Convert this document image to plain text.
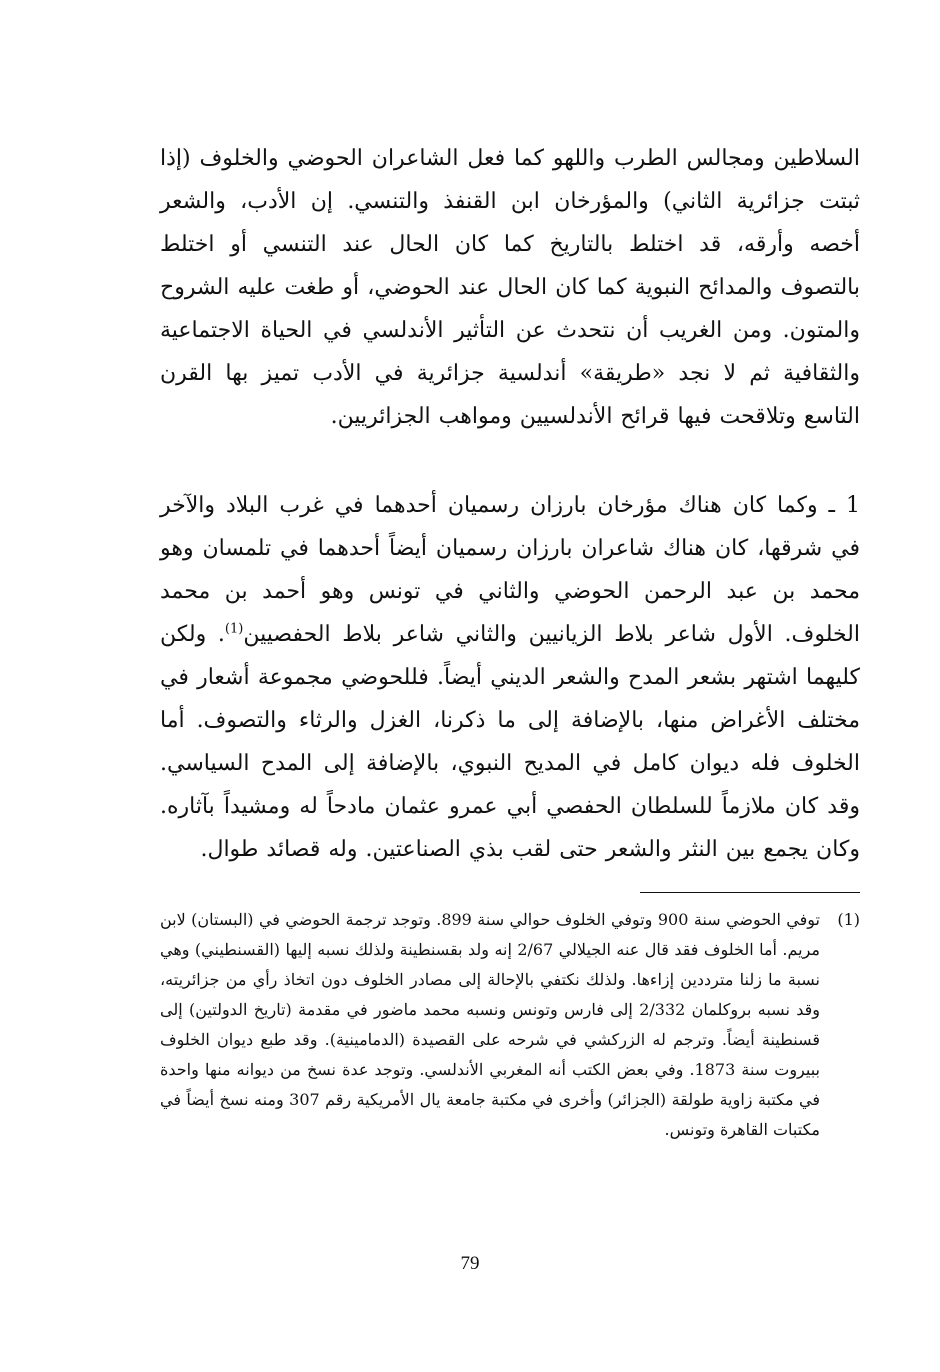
السلاطين ومجالس الطرب واللهو كما فعل الشاعران الحوضي والخلوف (إذا ثبتت جزائرية الثاني) والمؤرخان ابن القنفذ والتنسي. إن الأدب، والشعر أخصه وأرقه، قد اختلط بالتاريخ كما كان الحال عند التنسي أو اختلط بالتصوف والمدائح النبوية كما كان الحال عند الحوضي، أو طغت عليه الشروح والمتون. ومن الغريب أن نتحدث عن التأثير الأندلسي في الحياة الاجتماعية والثقافية ثم لا نجد «طريقة» أندلسية جزائرية في الأدب تميز بها القرن التاسع وتلاقحت فيها قرائح الأندلسيين ومواهب الجزائريين.

1 ـ وكما كان هناك مؤرخان بارزان رسميان أحدهما في غرب البلاد والآخر في شرقها، كان هناك شاعران بارزان رسميان أيضاً أحدهما في تلمسان وهو محمد بن عبد الرحمن الحوضي والثاني في تونس وهو أحمد بن محمد الخلوف. الأول شاعر بلاط الزيانيين والثاني شاعر بلاط الحفصيين$^{(1)}$. ولكن كليهما اشتهر بشعر المدح والشعر الديني أيضاً. فللحوضي مجموعة أشعار في مختلف الأغراض منها، بالإضافة إلى ما ذكرنا، الغزل والرثاء والتصوف. أما الخلوف فله ديوان كامل في المديح النبوي، بالإضافة إلى المدح السياسي. وقد كان ملازماً للسلطان الحفصي أبي عمرو عثمان مادحاً له ومشيداً بآثاره. وكان يجمع بين النثر والشعر حتى لقب بذي الصناعتين. وله قصائد طوال.

(1)
توفي الحوضي سنة 900 وتوفي الخلوف حوالي سنة 899. وتوجد ترجمة الحوضي في (البستان) لابن مريم. أما الخلوف فقد قال عنه الجيلالي 2/67 إنه ولد بقسنطينة ولذلك نسبه إليها (القسنطيني) وهي نسبة ما زلنا مترددين إزاءها. ولذلك نكتفي بالإحالة إلى مصادر الخلوف دون اتخاذ رأي من جزائريته، وقد نسبه بروكلمان 2/332 إلى فارس وتونس ونسبه محمد ماضور في مقدمة (تاريخ الدولتين) إلى قسنطينة أيضاً. وترجم له الزركشي في شرحه على القصيدة (الدمامينية). وقد طبع ديوان الخلوف ببيروت سنة 1873. وفي بعض الكتب أنه المغربي الأندلسي. وتوجد عدة نسخ من ديوانه منها واحدة في مكتبة زاوية طولقة (الجزائر) وأخرى في مكتبة جامعة يال الأمريكية رقم 307 ومنه نسخ أيضاً في مكتبات القاهرة وتونس.
79
